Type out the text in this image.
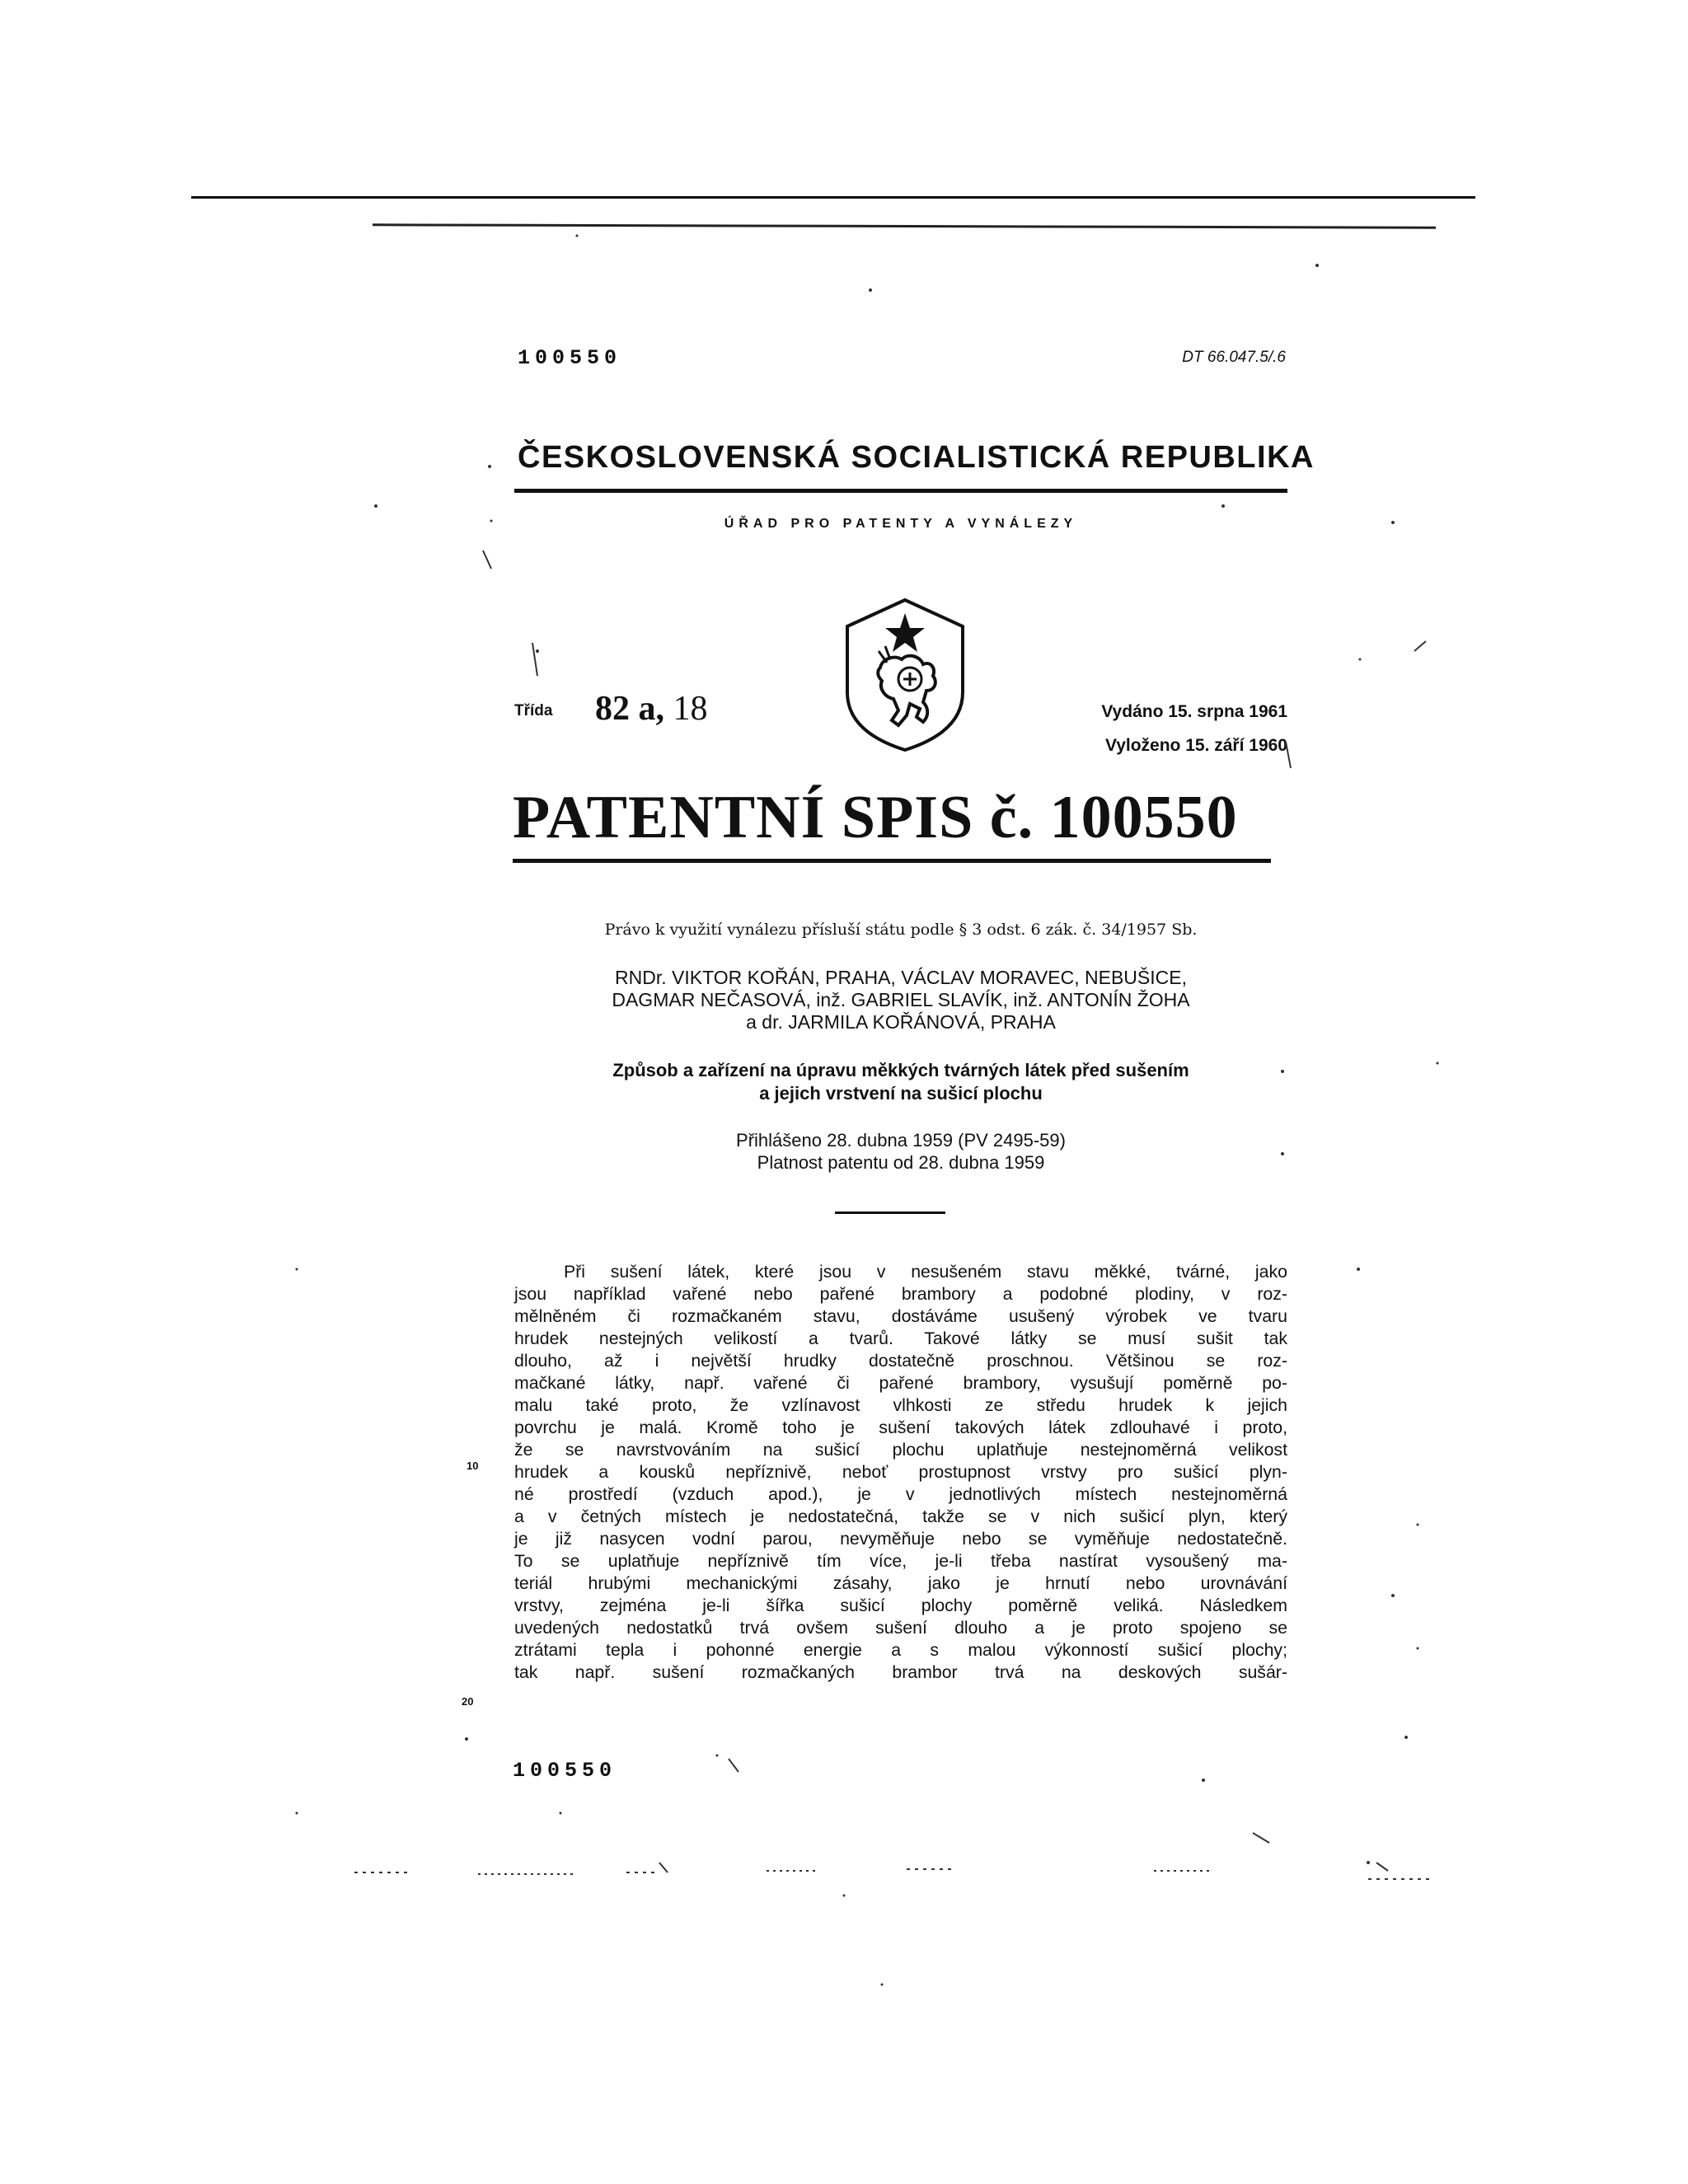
100550	DT 66.047.5/.6
ČESKOSLOVENSKÁ SOCIALISTICKÁ REPUBLIKA
ÚŘAD PRO PATENTY A VYNÁLEZY
Třída 82 a, 18	Vydáno 15. srpna 1961
Vyloženo 15. září 1960
PATENTNÍ SPIS č. 100550
Právo k využití vynálezu přísluší státu podle § 3 odst. 6 zák. č. 34/1957 Sb.
RNDr. VIKTOR KOŘÁN, PRAHA, VÁCLAV MORAVEC, NEBUŠICE,
DAGMAR NEČASOVÁ, inž. GABRIEL SLAVÍK, inž. ANTONÍN ŽOHA
a dr. JARMILA KOŘÁNOVÁ, PRAHA
Způsob a zařízení na úpravu měkkých tvárných látek před sušením
a jejich vrstvení na sušicí plochu
Přihlášeno 28. dubna 1959 (PV 2495-59)
Platnost patentu od 28. dubna 1959
Při sušení látek, které jsou v nesušeném stavu měkké, tvárné, jako
jsou například vařené nebo pařené brambory a podobné plodiny, v roz-
mělněném či rozmačkaném stavu, dostáváme usušený výrobek ve tvaru
hrudek nestejných velikostí a tvarů. Takové látky se musí sušit tak
dlouho, až i největší hrudky dostatečně proschnou. Většinou se roz-
mačkané látky, např. vařené či pařené brambory, vysušují poměrně po-
malu také proto, že vzlínavost vlhkosti ze středu hrudek k jejich
povrchu je malá. Kromě toho je sušení takových látek zdlouhavé i proto,
že se navrstvováním na sušicí plochu uplatňuje nestejnoměrná velikost
hrudek a kousků nepříznivě, neboť prostupnost vrstvy pro sušicí plyn-
né prostředí (vzduch apod.), je v jednotlivých místech nestejnoměrná
a v četných místech je nedostatečná, takže se v nich sušicí plyn, který
je již nasycen vodní parou, nevyměňuje nebo se vyměňuje nedostatečně.
To se uplatňuje nepříznivě tím více, je-li třeba nastírat vysoušený ma-
teriál hrubými mechanickými zásahy, jako je hrnutí nebo urovnávání
vrstvy, zejména je-li šířka sušicí plochy poměrně veliká. Následkem
uvedených nedostatků trvá ovšem sušení dlouho a je proto spojeno se
ztrátami tepla i pohonné energie a s malou výkonností sušicí plochy;
tak např. sušení rozmačkaných brambor trvá na deskových sušár-
10
20
100550
